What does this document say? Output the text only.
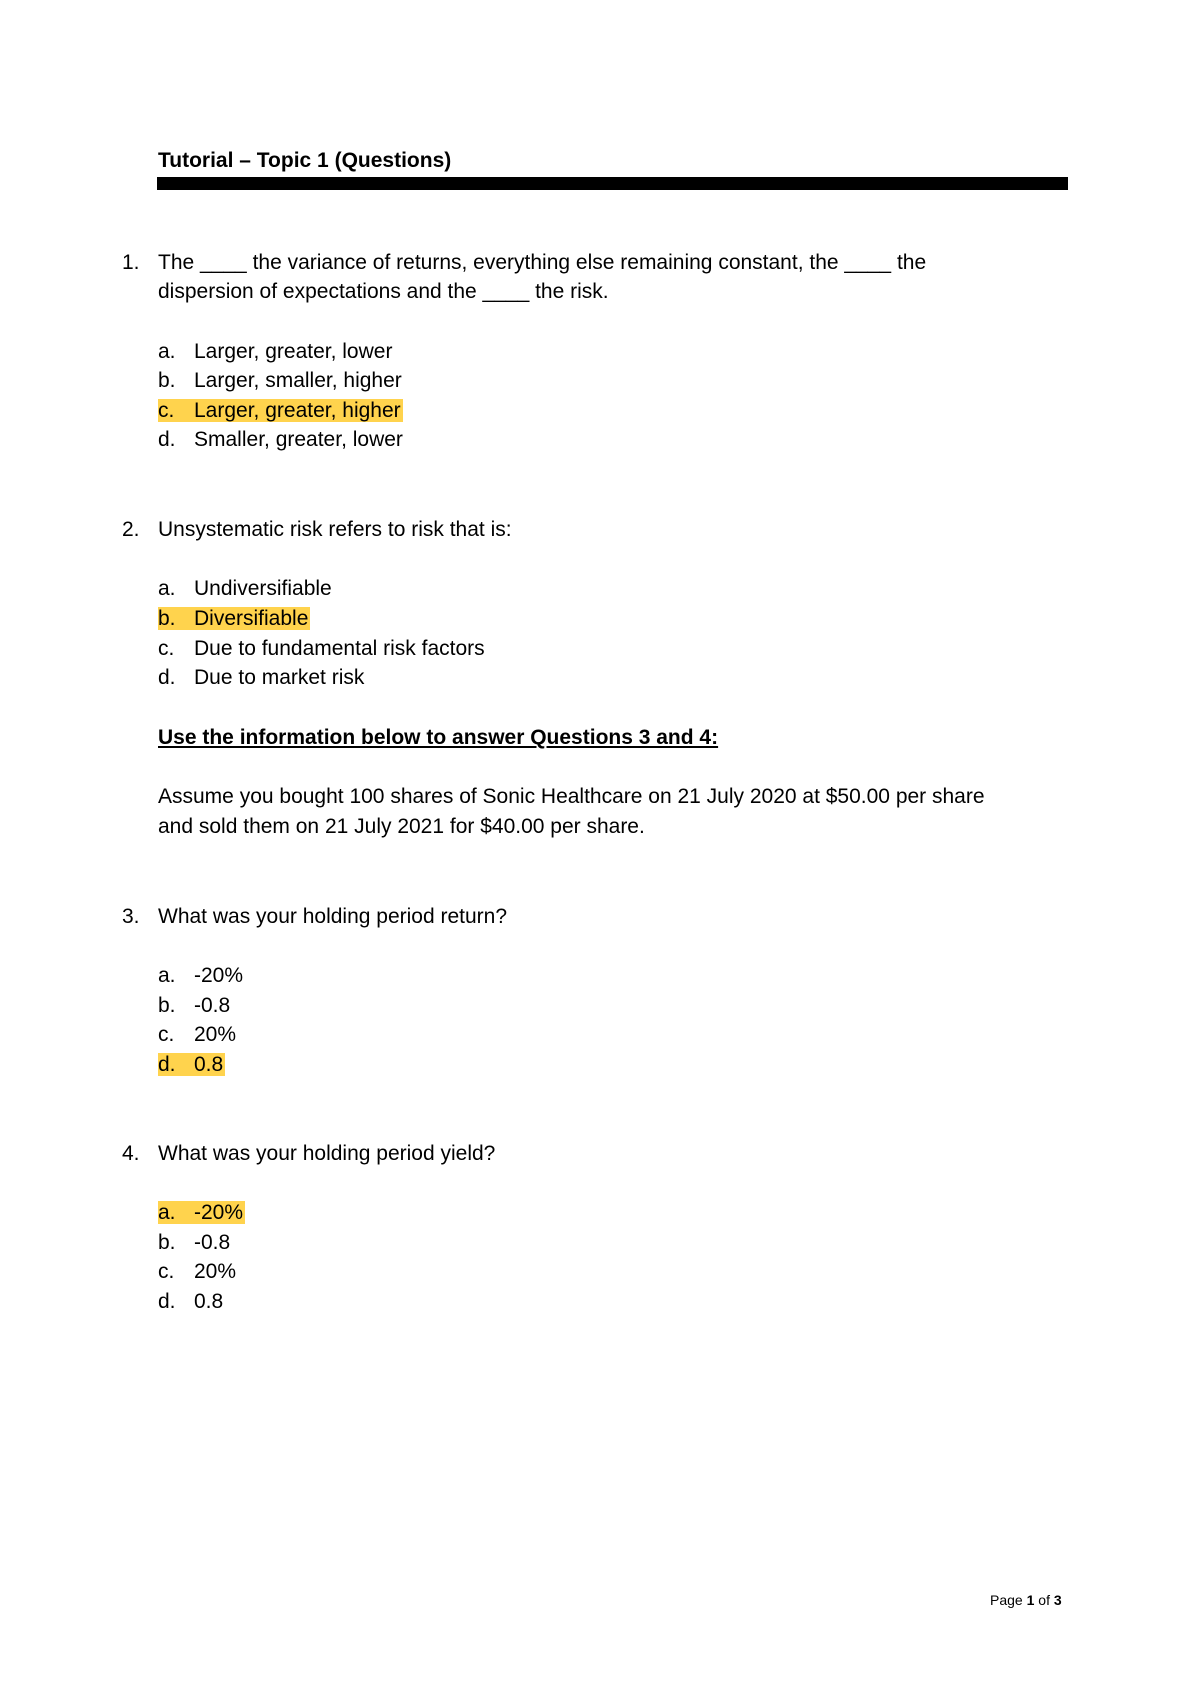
Tutorial – Topic 1 (Questions)
1. The ____ the variance of returns, everything else remaining constant, the ____ the
dispersion of expectations and the ____ the risk.
a. Larger, greater, lower
b. Larger, smaller, higher
c. Larger, greater, higher
d. Smaller, greater, lower
2. Unsystematic risk refers to risk that is:
a. Undiversifiable
b. Diversifiable
c. Due to fundamental risk factors
d. Due to market risk
Use the information below to answer Questions 3 and 4:
Assume you bought 100 shares of Sonic Healthcare on 21 July 2020 at $50.00 per share
and sold them on 21 July 2021 for $40.00 per share.
3. What was your holding period return?
a. -20%
b. -0.8
c. 20%
d. 0.8
4. What was your holding period yield?
a. -20%
b. -0.8
c. 20%
d. 0.8
Page 1 of 3
